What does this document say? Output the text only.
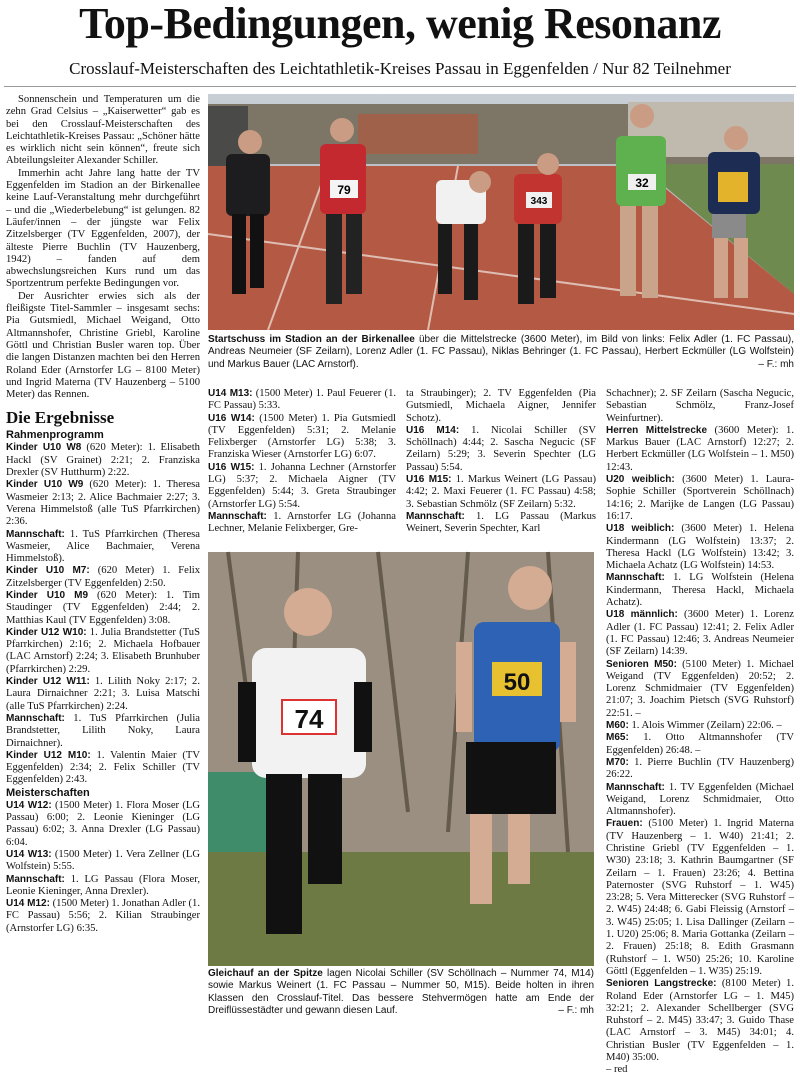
Top-Bedingungen, wenig Resonanz
Crosslauf-Meisterschaften des Leichtathletik-Kreises Passau in Eggenfelden / Nur 82 Teilnehmer

Sonnenschein und Temperaturen um die zehn Grad Celsius – „Kaiserwetter“ gab es bei den Crosslauf-Meisterschaften des Leichtathletik-Kreises Passau: „Schöner hätte es wirklich nicht sein können“, freute sich Abteilungsleiter Alexander Schiller.

Immerhin acht Jahre lang hatte der TV Eggenfelden im Stadion an der Birkenallee keine Lauf-Veranstaltung mehr durchgeführt – und die „Wiederbelebung“ ist gelungen. 82 Läufer/innen – der jüngste war Felix Zitzelsberger (TV Eggenfelden, 2007), der älteste Pierre Buchlin (TV Hauzenberg, 1942) – fanden auf dem abwechslungsreichen Kurs rund um das Sportzentrum perfekte Bedingungen vor.

Der Ausrichter erwies sich als der fleißigste Titel-Sammler – insgesamt sechs: Pia Gutsmiedl, Michael Weigand, Otto Altmannshofer, Christine Griebl, Karoline Göttl und Christian Busler waren top. Über die langen Distanzen machten bei den Herren Roland Eder (Arnstorfer LG – 8100 Meter) und Ingrid Materna (TV Hauzenberg – 5100 Meter) das Rennen.

Die Ergebnisse
Rahmenprogramm
Kinder U10 W8 (620 Meter): 1. Elisabeth Hackl (SV Grainet) 2:21; 2. Franziska Drexler (SV Hutthurm) 2:22.
Kinder U10 W9 (620 Meter): 1. Theresa Wasmeier 2:13; 2. Alice Bachmaier 2:27; 3. Verena Himmelstoß (alle TuS Pfarrkirchen) 2:36.
Mannschaft: 1. TuS Pfarrkirchen (Theresa Wasmeier, Alice Bachmaier, Verena Himmelstoß).
Kinder U10 M7: (620 Meter) 1. Felix Zitzelsberger (TV Eggenfelden) 2:50.
Kinder U10 M9 (620 Meter): 1. Tim Staudinger (TV Eggenfelden) 2:44; 2. Matthias Kaul (TV Eggenfelden) 3:08.
Kinder U12 W10: 1. Julia Brandstetter (TuS Pfarrkirchen) 2:16; 2. Michaela Hofbauer (LAC Arnstorf) 2:24; 3. Elisabeth Brunhuber (Pfarrkirchen) 2:29.
Kinder U12 W11: 1. Lilith Noky 2:17; 2. Laura Dirnaichner 2:21; 3. Luisa Matschi (alle TuS Pfarrkirchen) 2:24.
Mannschaft: 1. TuS Pfarrkirchen (Julia Brandstetter, Lilith Noky, Laura Dirnaichner).
Kinder U12 M10: 1. Valentin Maier (TV Eggenfelden) 2:34; 2. Felix Schiller (TV Eggenfelden) 2:43.
Meisterschaften
U14 W12: (1500 Meter) 1. Flora Moser (LG Passau) 6:00; 2. Leonie Kieninger (LG Passau) 6:02; 3. Anna Drexler (LG Passau) 6:04.
U14 W13: (1500 Meter) 1. Vera Zellner (LG Wolfstein) 5:55.
Mannschaft: 1. LG Passau (Flora Moser, Leonie Kieninger, Anna Drexler).
U14 M12: (1500 Meter) 1. Jonathan Adler (1. FC Passau) 5:56; 2. Kilian Straubinger (Arnstorfer LG) 6:35.
79
343
32
Startschuss im Stadion an der Birkenallee über die Mittelstrecke (3600 Meter), im Bild von links: Felix Adler (1. FC Passau), Andreas Neumeier (SF Zeilarn), Lorenz Adler (1. FC Passau), Niklas Behringer (1. FC Passau), Herbert Eckmüller (LG Wolfstein) und Markus Bauer (LAC Arnstorf).	– F.: mh
U14 M13: (1500 Meter) 1. Paul Feuerer (1. FC Passau) 5:33.
U16 W14: (1500 Meter) 1. Pia Gutsmiedl (TV Eggenfelden) 5:31; 2. Melanie Felixberger (Arnstorfer LG) 5:38; 3. Franziska Wieser (Arnstorfer LG) 6:07.
U16 W15: 1. Johanna Lechner (Arnstorfer LG) 5:37; 2. Michaela Aigner (TV Eggenfelden) 5:44; 3. Greta Straubinger (Arnstorfer LG) 5:54.
Mannschaft: 1. Arnstorfer LG (Johanna Lechner, Melanie Felixberger, Gre-
ta Straubinger); 2. TV Eggenfelden (Pia Gutsmiedl, Michaela Aigner, Jennifer Schotz).
U16 M14: 1. Nicolai Schiller (SV Schöllnach) 4:44; 2. Sascha Negucic (SF Zeilarn) 5:29; 3. Severin Spechter (LG Passau) 5:54.
U16 M15: 1. Markus Weinert (LG Passau) 4:42; 2. Maxi Feuerer (1. FC Passau) 4:58; 3. Sebastian Schmölz (SF Zeilarn) 5:32.
Mannschaft: 1. LG Passau (Markus Weinert, Severin Spechter, Karl
Schachner); 2. SF Zeilarn (Sascha Negucic, Sebastian Schmölz, Franz-Josef Weinfurtner).
Herren Mittelstrecke (3600 Meter): 1. Markus Bauer (LAC Arnstorf) 12:27; 2. Herbert Eckmüller (LG Wolfstein – 1. M50) 12:43.
U20 weiblich: (3600 Meter) 1. Laura-Sophie Schiller (Sportverein Schöllnach) 14:16; 2. Marijke de Langen (LG Passau) 16:17.
U18 weiblich: (3600 Meter) 1. Helena Kindermann (LG Wolfstein) 13:37; 2. Theresa Hackl (LG Wolfstein) 13:42; 3. Michaela Achatz (LG Wolfstein) 14:53.
Mannschaft: 1. LG Wolfstein (Helena Kindermann, Theresa Hackl, Michaela Achatz).
U18 männlich: (3600 Meter) 1. Lorenz Adler (1. FC Passau) 12:41; 2. Felix Adler (1. FC Passau) 12:46; 3. Andreas Neumeier (SF Zeilarn) 14:39.
Senioren M50: (5100 Meter) 1. Michael Weigand (TV Eggenfelden) 20:52; 2. Lorenz Schmidmaier (TV Eggenfelden) 21:07; 3. Joachim Pietsch (SVG Ruhstorf) 22:51. –
M60: 1. Alois Wimmer (Zeilarn) 22:06. –
M65: 1. Otto Altmannshofer (TV Eggenfelden) 26:48. –
M70: 1. Pierre Buchlin (TV Hauzenberg) 26:22.
Mannschaft: 1. TV Eggenfelden (Michael Weigand, Lorenz Schmidmaier, Otto Altmannshofer).
Frauen: (5100 Meter) 1. Ingrid Materna (TV Hauzenberg – 1. W40) 21:41; 2. Christine Griebl (TV Eggenfelden – 1. W30) 23:18; 3. Kathrin Baumgartner (SF Zeilarn – 1. Frauen) 23:26; 4. Bettina Paternoster (SVG Ruhstorf – 1. W45) 23:28; 5. Vera Mitterecker (SVG Ruhstorf – 2. W45) 24:48; 6. Gabi Fleissig (Arnstorf – 3. W45) 25:05; 1. Lisa Dallinger (Zeilarn – 1. U20) 25:06; 8. Maria Gottanka (Zeilarn – 2. Frauen) 25:18; 8. Edith Grasmann (Ruhstorf – 1. W50) 25:26; 10. Karoline Göttl (Eggenfelden – 1. W35) 25:19.
Senioren Langstrecke: (8100 Meter) 1. Roland Eder (Arnstorfer LG – 1. M45) 32:21; 2. Alexander Schellberger (SVG Ruhstorf – 2. M45) 33:47; 3. Guido Thase (LAC Arnstorf – 3. M45) 34:01; 4. Christian Busler (TV Eggenfelden – 1. M40) 35:00.
– red
74
50
Gleichauf an der Spitze lagen Nicolai Schiller (SV Schöllnach – Nummer 74, M14) sowie Markus Weinert (1. FC Passau – Nummer 50, M15). Beide holten in ihren Klassen den Crosslauf-Titel. Das bessere Stehvermögen hatte am Ende der Dreiflüssestädter und gewann diesen Lauf.	– F.: mh
